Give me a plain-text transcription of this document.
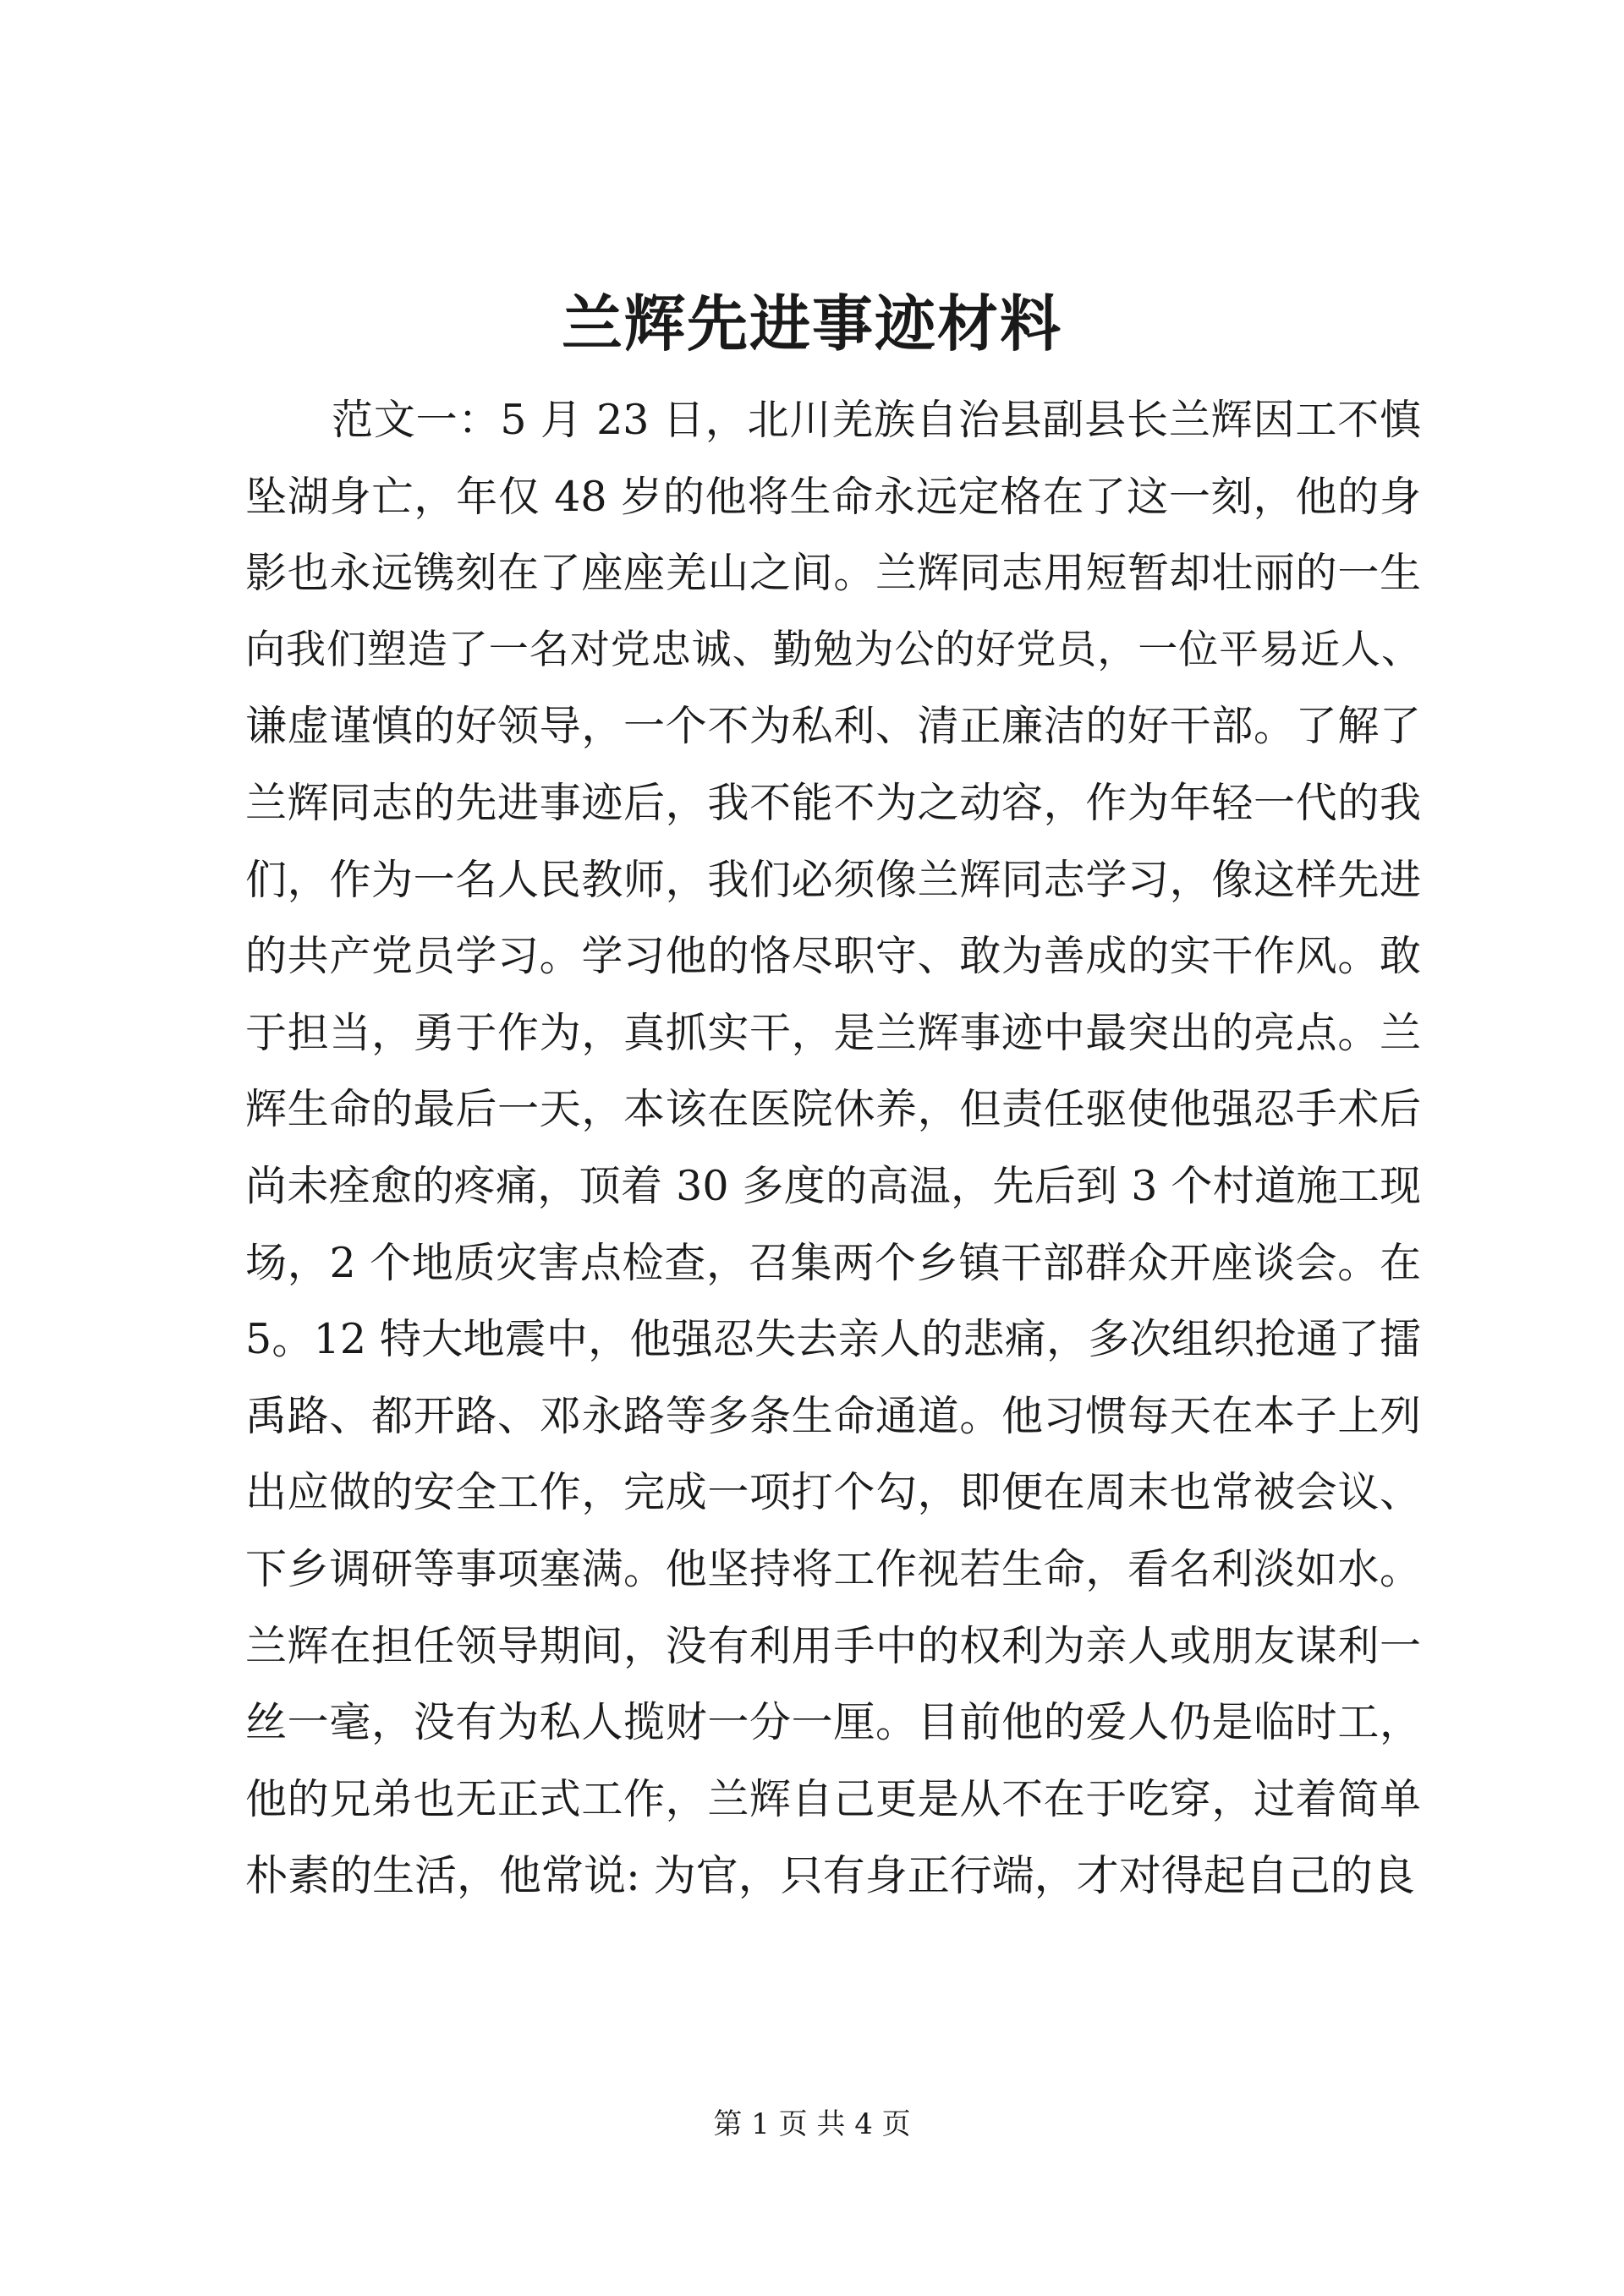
兰辉先进事迹材料
范文一：5 月 23 日，北川羌族自治县副县长兰辉因工不慎
坠湖身亡，年仅 48 岁的他将生命永远定格在了这一刻，他的身
影也永远镌刻在了座座羌山之间。兰辉同志用短暂却壮丽的一生
向我们塑造了一名对党忠诚、勤勉为公的好党员，一位平易近人、
谦虚谨慎的好领导，一个不为私利、清正廉洁的好干部。了解了
兰辉同志的先进事迹后，我不能不为之动容，作为年轻一代的我
们，作为一名人民教师，我们必须像兰辉同志学习，像这样先进
的共产党员学习。学习他的恪尽职守、敢为善成的实干作风。敢
于担当，勇于作为，真抓实干，是兰辉事迹中最突出的亮点。兰
辉生命的最后一天，本该在医院休养，但责任驱使他强忍手术后
尚未痊愈的疼痛，顶着 30 多度的高温，先后到 3 个村道施工现
场，2 个地质灾害点检查，召集两个乡镇干部群众开座谈会。在
5。12 特大地震中，他强忍失去亲人的悲痛，多次组织抢通了擂
禹路、都开路、邓永路等多条生命通道。他习惯每天在本子上列
出应做的安全工作，完成一项打个勾，即便在周末也常被会议、
下乡调研等事项塞满。他坚持将工作视若生命，看名利淡如水。
兰辉在担任领导期间，没有利用手中的权利为亲人或朋友谋利一
丝一毫，没有为私人揽财一分一厘。目前他的爱人仍是临时工，
他的兄弟也无正式工作，兰辉自己更是从不在于吃穿，过着简单
朴素的生活，他常说: 为官，只有身正行端，才对得起自己的良
第 1 页 共 4 页
